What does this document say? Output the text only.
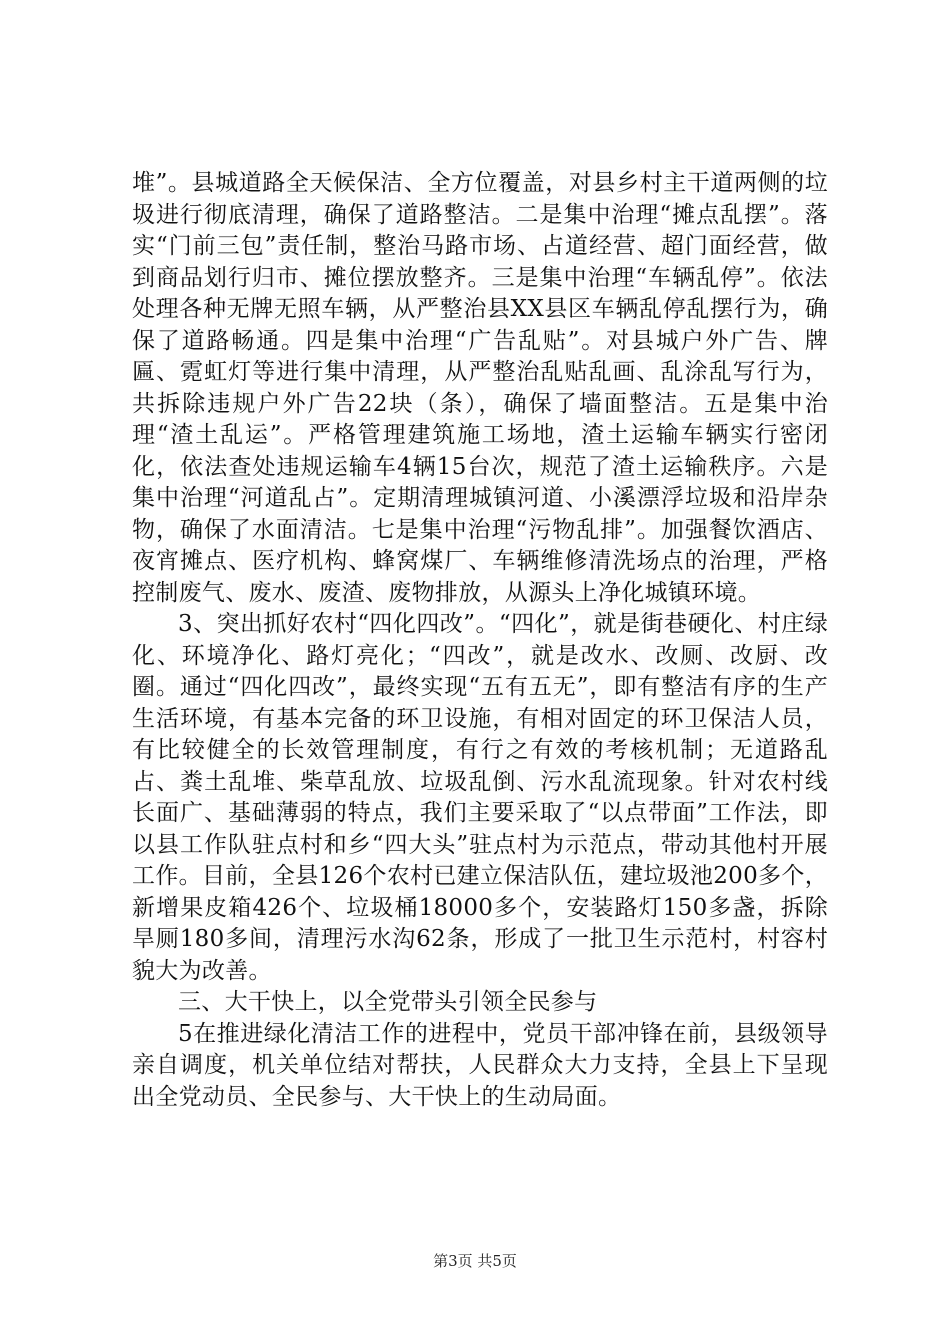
堆”。县城道路全天候保洁、全方位覆盖，对县乡村主干道两侧的垃圾进行彻底清理，确保了道路整洁。二是集中治理“摊点乱摆”。落实“门前三包”责任制，整治马路市场、占道经营、超门面经营，做到商品划行归市、摊位摆放整齐。三是集中治理“车辆乱停”。依法处理各种无牌无照车辆，从严整治县XX县区车辆乱停乱摆行为，确保了道路畅通。四是集中治理“广告乱贴”。对县城户外广告、牌匾、霓虹灯等进行集中清理，从严整治乱贴乱画、乱涂乱写行为，共拆除违规户外广告22块（条），确保了墙面整洁。五是集中治理“渣土乱运”。严格管理建筑施工场地，渣土运输车辆实行密闭化，依法查处违规运输车4辆15台次，规范了渣土运输秩序。六是集中治理“河道乱占”。定期清理城镇河道、小溪漂浮垃圾和沿岸杂物，确保了水面清洁。七是集中治理“污物乱排”。加强餐饮酒店、夜宵摊点、医疗机构、蜂窝煤厂、车辆维修清洗场点的治理，严格控制废气、废水、废渣、废物排放，从源头上净化城镇环境。

3、突出抓好农村“四化四改”。“四化”，就是街巷硬化、村庄绿化、环境净化、路灯亮化；“四改”，就是改水、改厕、改厨、改圈。通过“四化四改”，最终实现“五有五无”，即有整洁有序的生产生活环境，有基本完备的环卫设施，有相对固定的环卫保洁人员，有比较健全的长效管理制度，有行之有效的考核机制；无道路乱占、粪土乱堆、柴草乱放、垃圾乱倒、污水乱流现象。针对农村线长面广、基础薄弱的特点，我们主要采取了“以点带面”工作法，即以县工作队驻点村和乡“四大头”驻点村为示范点，带动其他村开展工作。目前，全县126个农村已建立保洁队伍，建垃圾池200多个，新增果皮箱426个、垃圾桶18000多个，安装路灯150多盏，拆除旱厕180多间，清理污水沟62条，形成了一批卫生示范村，村容村貌大为改善。

三、大干快上，以全党带头引领全民参与

5在推进绿化清洁工作的进程中，党员干部冲锋在前，县级领导亲自调度，机关单位结对帮扶，人民群众大力支持，全县上下呈现出全党动员、全民参与、大干快上的生动局面。

第3页 共5页
